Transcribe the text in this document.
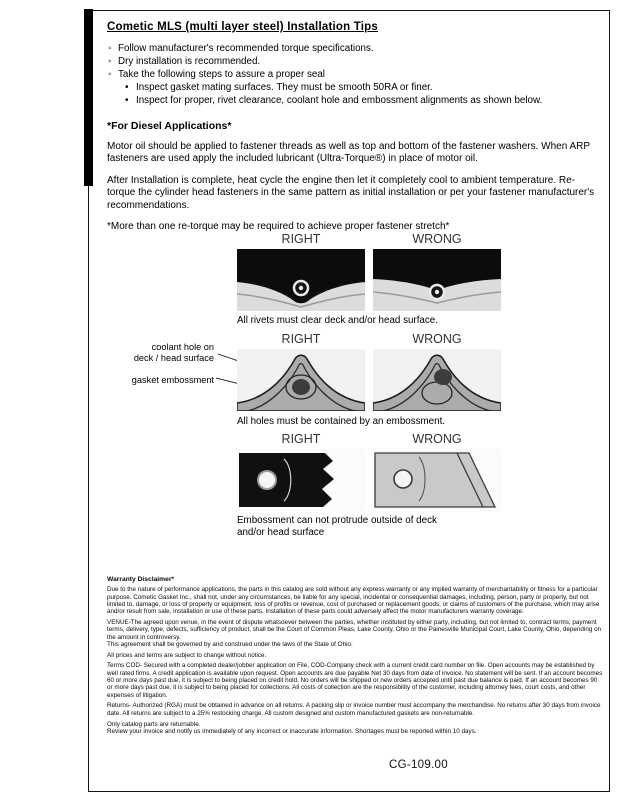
Cometic MLS (multi layer steel) Installation Tips
◦ Follow manufacturer's recommended torque specifications.
◦ Dry installation is recommended.
◦ Take the following steps to assure a proper seal
• Inspect gasket mating surfaces. They must be smooth 50RA or finer.
• Inspect for proper, rivet clearance, coolant hole and embossment alignments as shown below.
*For Diesel Applications*
Motor oil should be applied to fastener threads as well as top and bottom of the fastener washers. When ARP fasteners are used apply the included lubricant (Ultra-Torque®) in place of motor oil.
After Installation is complete, heat cycle the engine then let it completely cool to ambient temperature. Re-torque the cylinder head fasteners in the same pattern as initial installation or per your fastener manufacturer's recommendations.
*More than one re-torque may be required to achieve proper fastener stretch*
RIGHT	WRONG
All rivets must clear deck and/or head surface.
RIGHT	WRONG
coolant hole on
deck / head surface
gasket embossment
All holes must be contained by an embossment.
RIGHT	WRONG
Embossment can not protrude outside of deck
and/or head surface
Warranty Disclaimer*
Due to the nature of performance applications, the parts in this catalog are sold without any express warranty or any implied warranty of merchantability or fitness for a particular purpose. Cometic Gasket Inc., shall not, under any circumstances, be liable for any special, incidental or consequential damages, including, person, party or property, but not limited to, damage, or loss of property or equipment, loss of profits or revenue, cost of purchased or replacement goods, or claims of customers of the purchase, which may arise and/or result from sale, installation or use of these parts. Installation of these parts could adversely affect the motor manufacturers warranty coverage.
VENUE-The agreed upon venue, in the event of dispute whatsoever between the parties, whether instituted by either party, including, but not limited to, contract terms, payment terms, delivery, type, defects, sufficiency of product, shall be the Court of Common Pleas, Lake County, Ohio or the Painesville Municipal Court, Lake County, Ohio, depending on the amount in controversy.
This agreement shall be governed by and construed under the laws of the State of Ohio.
All prices and terms are subject to change without notice.
Terms COD- Secured with a completed dealer/jobber application on File, COD-Company check with a current credit card number on file. Open accounts may be established by well rated firms. A credit application is available upon request. Open accounts are due payable Net 30 days from date of invoice. No statement will be sent. If an account becomes 60 or more days past due, it is subject to being placed on credit hold. No orders will be shipped or new orders accepted until past due balance is paid. If an account becomes 90 or more days past due, it is subject to being placed for collections. All costs of collection are the responsibility of the customer, including attorney fees, court costs, and other expenses of litigation.
Returns- Authorized (RGA) must be obtained in advance on all returns. A packing slip or invoice number must accompany the merchandise. No returns after 30 days from invoice date. All returns are subject to a 25% restocking charge. All custom designed and custom manufactured gaskets are non-returnable.
Only catalog parts are returnable.
Review your invoice and notify us immediately of any incorrect or inaccurate information. Shortages must be reported within 10 days.
CG-109.00
